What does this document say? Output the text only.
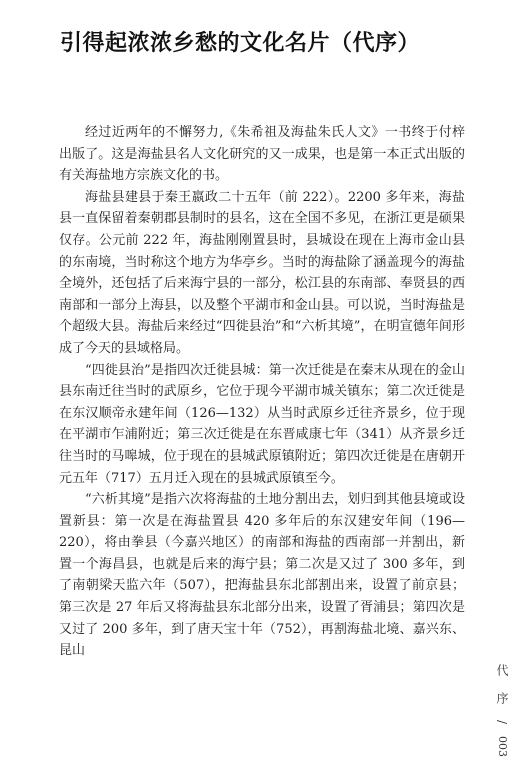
引得起浓浓乡愁的文化名片（代序）

经过近两年的不懈努力,《朱希祖及海盐朱氏人文》一书终于付梓出版了。这是海盐县名人文化研究的又一成果，也是第一本正式出版的有关海盐地方宗族文化的书。

海盐县建县于秦王嬴政二十五年（前 222）。2200 多年来，海盐县一直保留着秦朝郡县制时的县名，这在全国不多见，在浙江更是硕果仅存。公元前 222 年，海盐刚刚置县时，县城设在现在上海市金山县的东南境，当时称这个地方为华亭乡。当时的海盐除了涵盖现今的海盐全境外，还包括了后来海宁县的一部分，松江县的东南部、奉贤县的西南部和一部分上海县，以及整个平湖市和金山县。可以说，当时海盐是个超级大县。海盐后来经过“四徙县治”和“六析其境”，在明宣德年间形成了今天的县域格局。

“四徙县治”是指四次迁徙县城：第一次迁徙是在秦末从现在的金山县东南迁往当时的武原乡，它位于现今平湖市城关镇东；第二次迁徙是在东汉顺帝永建年间（126—132）从当时武原乡迁往齐景乡，位于现在平湖市乍浦附近；第三次迁徙是在东晋咸康七年（341）从齐景乡迁往当时的马嗥城，位于现在的县城武原镇附近；第四次迁徙是在唐朝开元五年（717）五月迁入现在的县城武原镇至今。

“六析其境”是指六次将海盐的土地分割出去，划归到其他县境或设置新县：第一次是在海盐置县 420 多年后的东汉建安年间（196—220），将由拳县（今嘉兴地区）的南部和海盐的西南部一并割出，新置一个海昌县，也就是后来的海宁县；第二次是又过了 300 多年，到了南朝梁天监六年（507），把海盐县东北部割出来，设置了前京县；第三次是 27 年后又将海盐县东北部分出来，设置了胥浦县；第四次是又过了 200 多年，到了唐天宝十年（752），再割海盐北境、嘉兴东、昆山

代 序 / 003
